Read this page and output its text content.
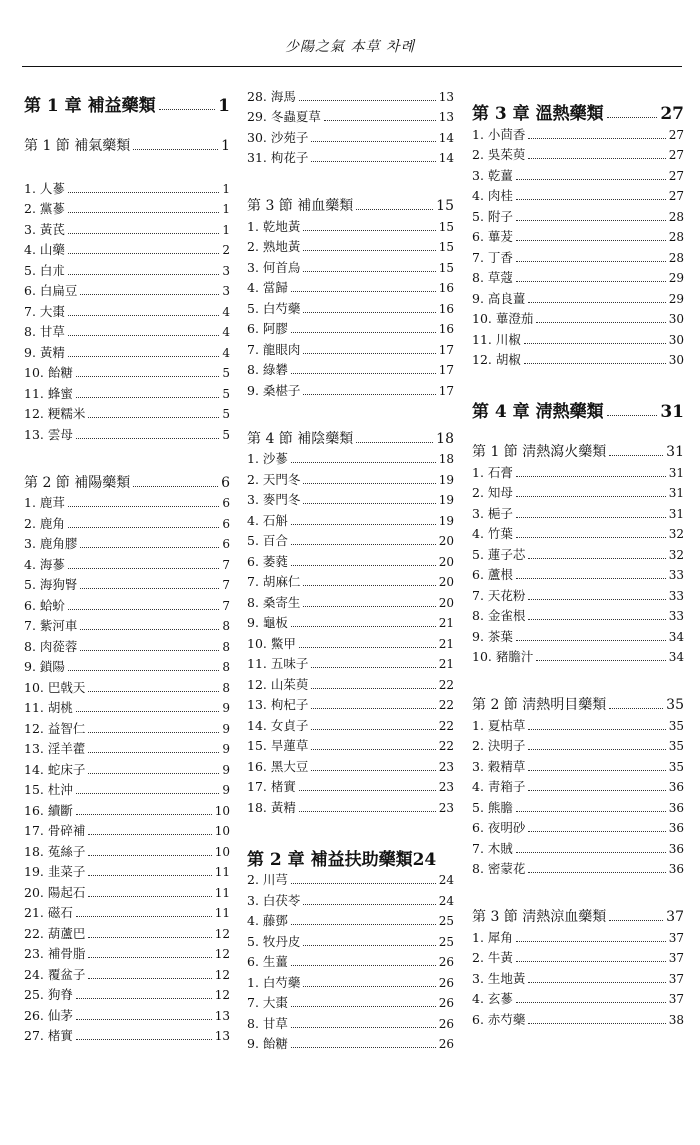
少陽之氣 本草 차례
第 1 章 補益藥類	1
第 1 節 補氣藥類	1
1. 人蔘	1
2. 黨蔘	1
3. 黃芪	1
4. 山藥	2
5. 白朮	3
6. 白扁豆	3
7. 大棗	4
8. 甘草	4
9. 黃精	4
10. 飴糖	5
11. 蜂蜜	5
12. 粳糯米	5
13. 雲母	5
第 2 節 補陽藥類	6
1. 鹿茸	6
2. 鹿角	6
3. 鹿角膠	6
4. 海蔘	7
5. 海狗腎	7
6. 蛤蚧	7
7. 紫河車	8
8. 肉蓯蓉	8
9. 鎖陽	8
10. 巴戟天	8
11. 胡桃	9
12. 益智仁	9
13. 淫羊藿	9
14. 蛇床子	9
15. 杜沖	9
16. 續斷	10
17. 骨碎補	10
18. 菟絲子	10
19. 韭菜子	11
20. 陽起石	11
21. 磁石	11
22. 葫蘆巴	12
23. 補骨脂	12
24. 覆盆子	12
25. 狗脊	12
26. 仙茅	13
27. 楮實	13
28. 海馬	13
29. 冬蟲夏草	13
30. 沙苑子	14
31. 枸花子	14
第 3 節 補血藥類	15
1. 乾地黃	15
2. 熟地黃	15
3. 何首烏	15
4. 當歸	16
5. 白芍藥	16
6. 阿膠	16
7. 龍眼肉	17
8. 綠礬	17
9. 桑椹子	17
第 4 節 補陰藥類	18
1. 沙蔘	18
2. 天門冬	19
3. 麥門冬	19
4. 石斛	19
5. 百合	20
6. 萎蕤	20
7. 胡麻仁	20
8. 桑寄生	20
9. 龜板	21
10. 鱉甲	21
11. 五味子	21
12. 山茱萸	22
13. 枸杞子	22
14. 女貞子	22
15. 旱蓮草	22
16. 黑大豆	23
17. 楮實	23
18. 黃精	23
第 2 章 補益扶助藥類 24
2. 川芎	24
3. 白茯苓	24
4. 藤鄧	25
5. 牧丹皮	25
6. 生薑	26
1. 白芍藥	26
7. 大棗	26
8. 甘草	26
9. 飴糖	26
第 3 章 溫熱藥類	27
1. 小茴香	27
2. 吳茱萸	27
3. 乾薑	27
4. 肉桂	27
5. 附子	28
6. 蓽茇	28
7. 丁香	28
8. 草蔻	29
9. 高良薑	29
10. 蓽澄茄	30
11. 川椒	30
12. 胡椒	30
第 4 章 淸熱藥類	31
第 1 節 淸熱瀉火藥類	31
1. 石膏	31
2. 知母	31
3. 梔子	31
4. 竹葉	32
5. 蓮子芯	32
6. 蘆根	33
7. 天花粉	33
8. 金雀根	33
9. 茶葉	34
10. 豬膽汁	34
第 2 節 淸熱明目藥類	35
1. 夏枯草	35
2. 決明子	35
3. 穀精草	35
4. 靑箱子	36
5. 熊膽	36
6. 夜明砂	36
7. 木賊	36
8. 密蒙花	36
第 3 節 淸熱涼血藥類	37
1. 犀角	37
2. 牛黃	37
3. 生地黃	37
4. 玄蔘	37
6. 赤芍藥	38
